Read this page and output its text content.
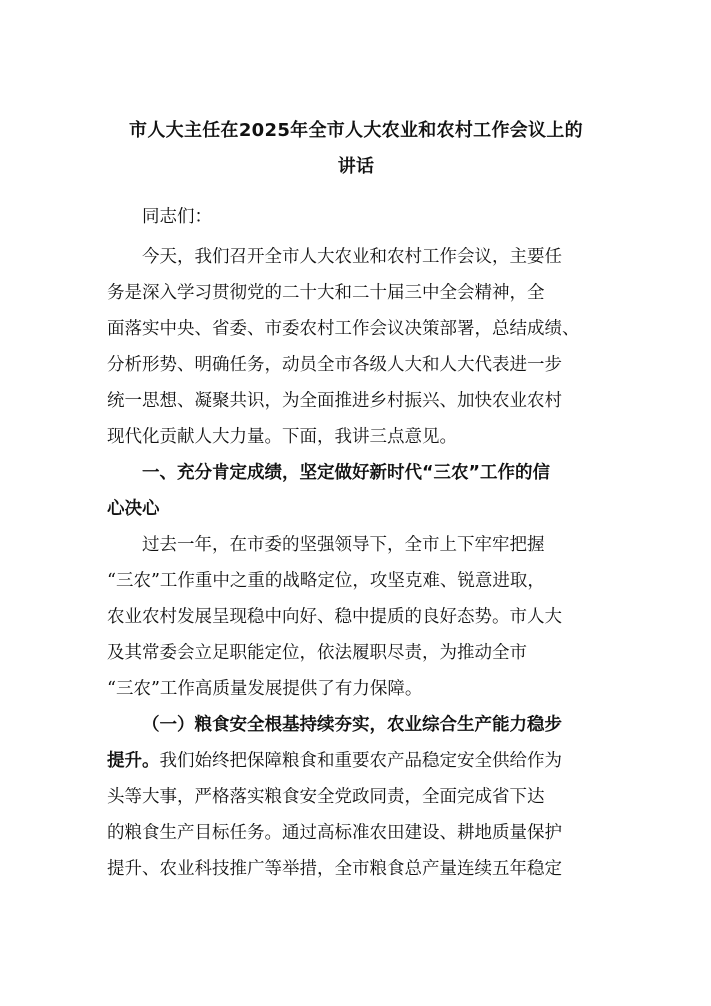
市人大主任在2025年全市人大农业和农村工作会议上的
讲话

同志们：

今天，我们召开全市人大农业和农村工作会议，主要任
务是深入学习贯彻党的二十大和二十届三中全会精神，全
面落实中央、省委、市委农村工作会议决策部署，总结成绩、
分析形势、明确任务，动员全市各级人大和人大代表进一步
统一思想、凝聚共识，为全面推进乡村振兴、加快农业农村
现代化贡献人大力量。下面，我讲三点意见。

一、充分肯定成绩，坚定做好新时代“三农”工作的信
心决心

过去一年，在市委的坚强领导下，全市上下牢牢把握
“三农”工作重中之重的战略定位，攻坚克难、锐意进取，
农业农村发展呈现稳中向好、稳中提质的良好态势。市人大
及其常委会立足职能定位，依法履职尽责，为推动全市
“三农”工作高质量发展提供了有力保障。

（一）粮食安全根基持续夯实，农业综合生产能力稳步
提升。我们始终把保障粮食和重要农产品稳定安全供给作为
头等大事，严格落实粮食安全党政同责，全面完成省下达
的粮食生产目标任务。通过高标准农田建设、耕地质量保护
提升、农业科技推广等举措，全市粮食总产量连续五年稳定
